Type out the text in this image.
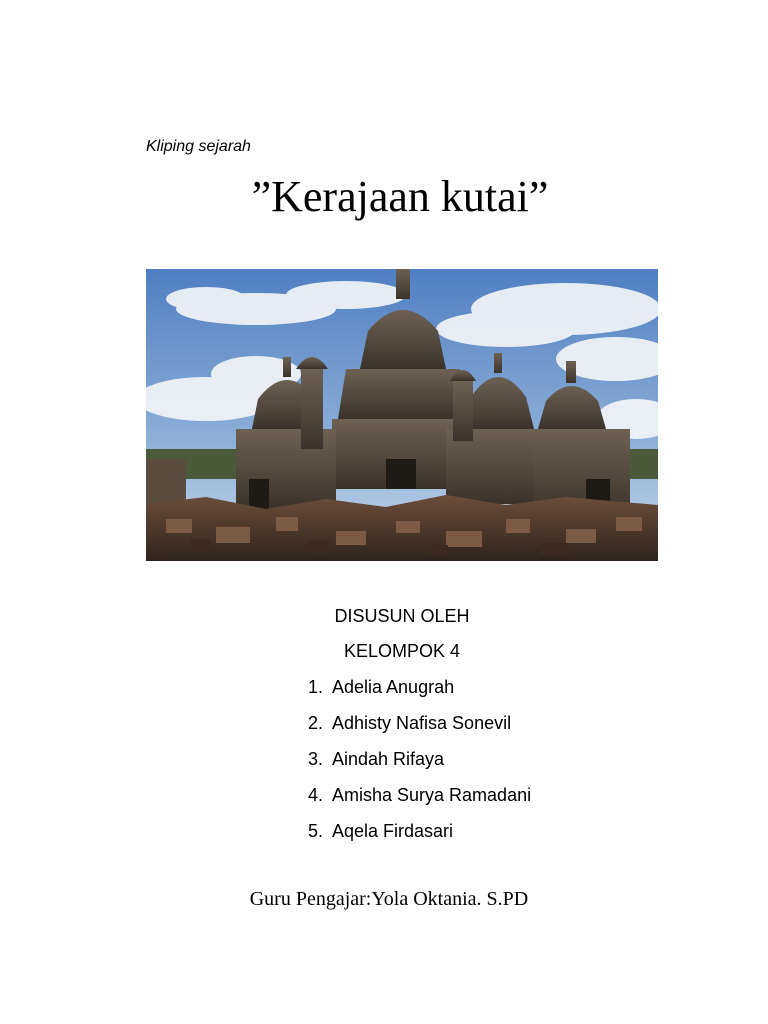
Kliping sejarah
”Kerajaan kutai”
DISUSUN OLEH
KELOMPOK 4
1. Adelia Anugrah
2. Adhisty Nafisa Sonevil
3. Aindah Rifaya
4. Amisha Surya Ramadani
5. Aqela Firdasari
Guru Pengajar:Yola Oktania. S.PD
